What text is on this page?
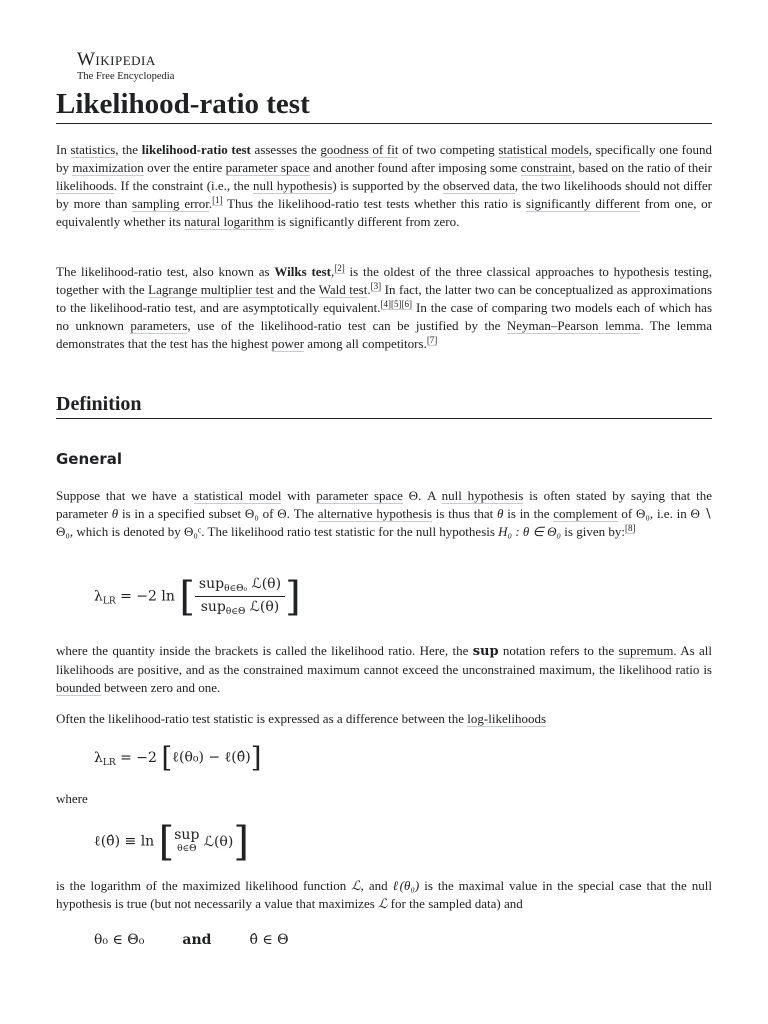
Wikipedia
The Free Encyclopedia
Likelihood-ratio test

In statistics, the likelihood-ratio test assesses the goodness of fit of two competing statistical models, specifically one found by maximization over the entire parameter space and another found after imposing some constraint, based on the ratio of their likelihoods. If the constraint (i.e., the null hypothesis) is supported by the observed data, the two likelihoods should not differ by more than sampling error.[1] Thus the likelihood-ratio test tests whether this ratio is significantly different from one, or equivalently whether its natural logarithm is significantly different from zero.

The likelihood-ratio test, also known as Wilks test,[2] is the oldest of the three classical approaches to hypothesis testing, together with the Lagrange multiplier test and the Wald test.[3] In fact, the latter two can be conceptualized as approximations to the likelihood-ratio test, and are asymptotically equivalent.[4][5][6] In the case of comparing two models each of which has no unknown parameters, use of the likelihood-ratio test can be justified by the Neyman–Pearson lemma. The lemma demonstrates that the test has the highest power among all competitors.[7]

Definition
General

Suppose that we have a statistical model with parameter space Θ. A null hypothesis is often stated by saying that the parameter θ is in a specified subset Θ₀ of Θ. The alternative hypothesis is thus that θ is in the complement of Θ₀, i.e. in Θ ∖ Θ₀, which is denoted by Θ₀ᶜ. The likelihood ratio test statistic for the null hypothesis H₀ : θ ∈ Θ₀ is given by:[8]

$\lambda_{LR} = -2$ ln [ $\frac{sup_{\theta\in\Theta_0} ℒ(\theta)}{sup_{\theta\in\Theta} ℒ(\theta)}$ ]

where the quantity inside the brackets is called the likelihood ratio. Here, the sup notation refers to the supremum. As all likelihoods are positive, and as the constrained maximum cannot exceed the unconstrained maximum, the likelihood ratio is bounded between zero and one.

Often the likelihood-ratio test statistic is expressed as a difference between the log-likelihoods

$\lambda_{LR} = -2$ [ℓ(θ₀) − ℓ(θ̂)]

where

ℓ(θ̂) ≡ ln [sup
θ∈Θ ℒ(θ)]

is the logarithm of the maximized likelihood function ℒ, and ℓ(θ₀) is the maximal value in the special case that the null hypothesis is true (but not necessarily a value that maximizes ℒ for the sampled data) and

θ₀ ∈ Θ₀	and	θ̂ ∈ Θ
